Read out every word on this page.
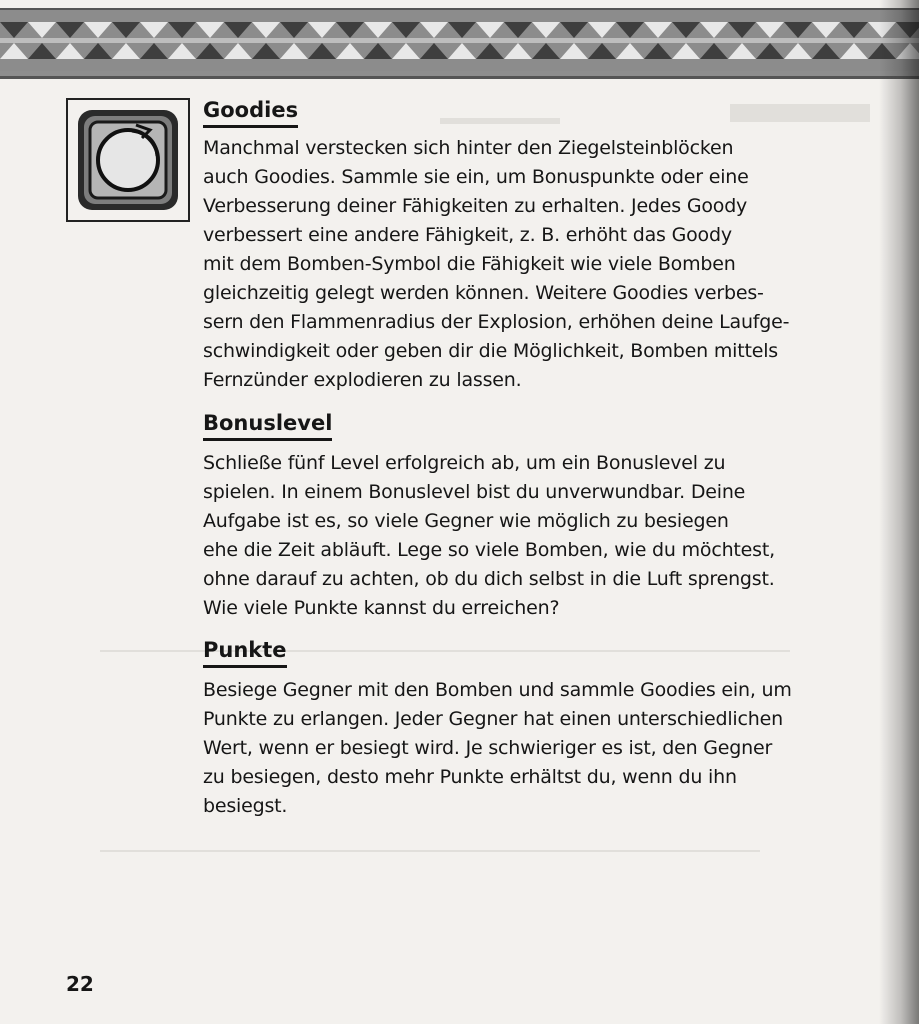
Goodies

Manchmal verstecken sich hinter den Ziegelsteinblöcken
auch Goodies. Sammle sie ein, um Bonuspunkte oder eine
Verbesserung deiner Fähigkeiten zu erhalten. Jedes Goody
verbessert eine andere Fähigkeit, z. B. erhöht das Goody
mit dem Bomben-Symbol die Fähigkeit wie viele Bomben
gleichzeitig gelegt werden können. Weitere Goodies verbes-
sern den Flammenradius der Explosion, erhöhen deine Laufge-
schwindigkeit oder geben dir die Möglichkeit, Bomben mittels
Fernzünder explodieren zu lassen.

Bonuslevel

Schließe fünf Level erfolgreich ab, um ein Bonuslevel zu
spielen. In einem Bonuslevel bist du unverwundbar. Deine
Aufgabe ist es, so viele Gegner wie möglich zu besiegen
ehe die Zeit abläuft. Lege so viele Bomben, wie du möchtest,
ohne darauf zu achten, ob du dich selbst in die Luft sprengst.
Wie viele Punkte kannst du erreichen?

Punkte

Besiege Gegner mit den Bomben und sammle Goodies ein, um
Punkte zu erlangen. Jeder Gegner hat einen unterschiedlichen
Wert, wenn er besiegt wird. Je schwieriger es ist, den Gegner
zu besiegen, desto mehr Punkte erhältst du, wenn du ihn
besiegst.

22
